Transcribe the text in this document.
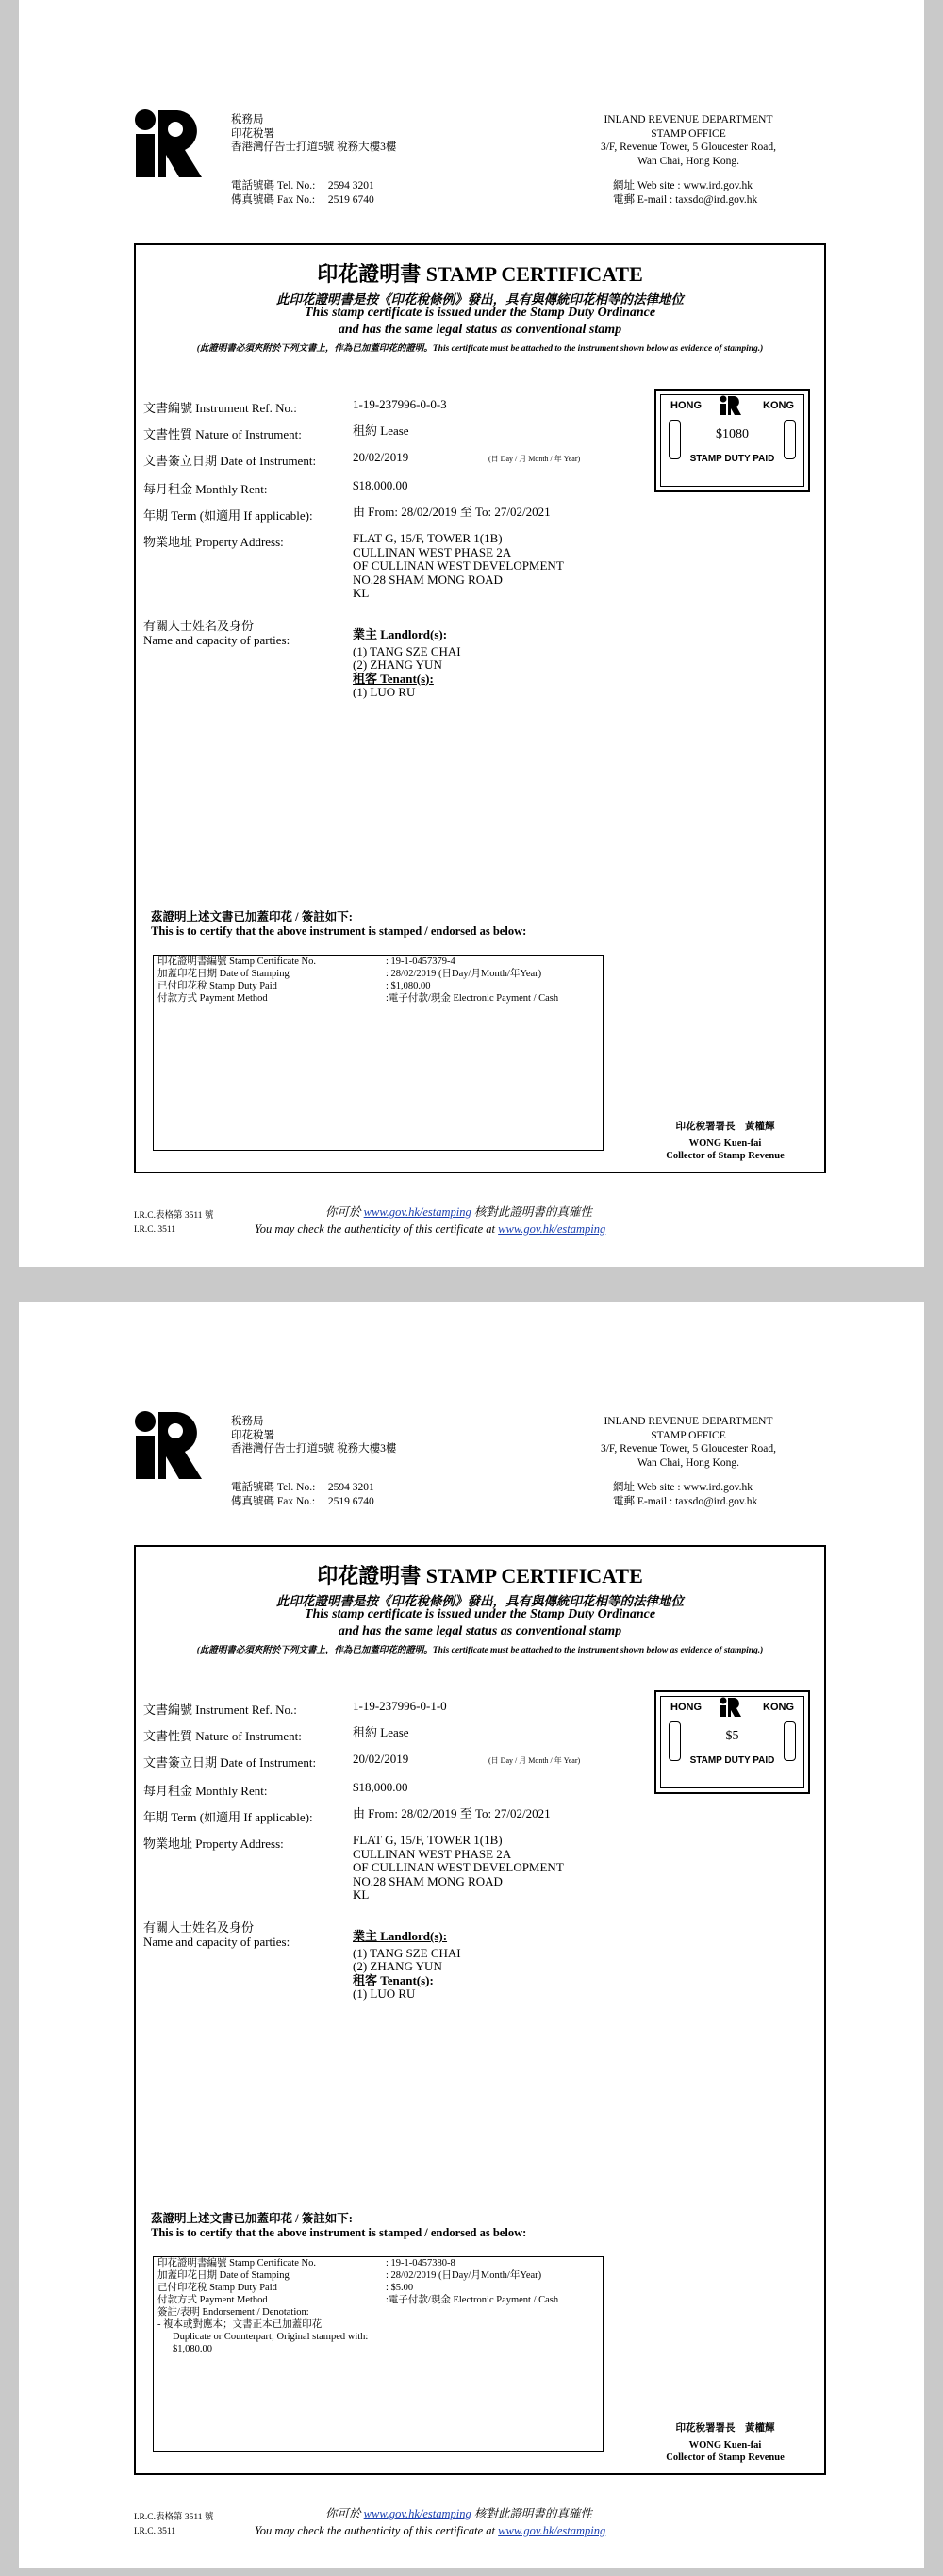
稅務局
印花稅署
香港灣仔告士打道5號 稅務大樓3樓
INLAND REVENUE DEPARTMENT
STAMP OFFICE
3/F, Revenue Tower, 5 Gloucester Road,
Wan Chai, Hong Kong.
電話號碼 Tel. No.: 2594 3201
傳真號碼 Fax No.: 2519 6740
網址 Web site : www.ird.gov.hk
電郵 E-mail : taxsdo@ird.gov.hk
印花證明書 STAMP CERTIFICATE
此印花證明書是按《印花稅條例》發出，具有與傳統印花相等的法律地位
This stamp certificate is issued under the Stamp Duty Ordinance
and has the same legal status as conventional stamp
(此證明書必須夾附於下列文書上，作為已加蓋印花的證明。This certificate must be attached to the instrument shown below as evidence of stamping.)
文書編號 Instrument Ref. No.:	1-19-237996-0-0-3
文書性質 Nature of Instrument:	租約 Lease
文書簽立日期 Date of Instrument:	20/02/2019	(日 Day / 月 Month / 年 Year)
每月租金 Monthly Rent:	$18,000.00
年期 Term (如適用 If applicable):	由 From: 28/02/2019 至 To: 27/02/2021
物業地址 Property Address:	FLAT G, 15/F, TOWER 1(1B)
CULLINAN WEST PHASE 2A
OF CULLINAN WEST DEVELOPMENT
NO.28 SHAM MONG ROAD
KL
有關人士姓名及身份
Name and capacity of parties:	業主 Landlord(s):
(1) TANG SZE CHAI
(2) ZHANG YUN
租客 Tenant(s):
(1) LUO RU
HONG	KONG
$1080
STAMP DUTY PAID
茲證明上述文書已加蓋印花 / 簽註如下:
This is to certify that the above instrument is stamped / endorsed as below:
印花證明書編號 Stamp Certificate No.	: 19-1-0457379-4
加蓋印花日期 Date of Stamping	: 28/02/2019 (日Day/月Month/年Year)
已付印花稅 Stamp Duty Paid	: $1,080.00
付款方式 Payment Method	:電子付款/現金 Electronic Payment / Cash
印花稅署署長　黃權輝
WONG Kuen-fai
Collector of Stamp Revenue
I.R.C.表格第 3511 號
I.R.C. 3511
你可於 www.gov.hk/estamping 核對此證明書的真確性
You may check the authenticity of this certificate at www.gov.hk/estamping
稅務局
印花稅署
香港灣仔告士打道5號 稅務大樓3樓
INLAND REVENUE DEPARTMENT
STAMP OFFICE
3/F, Revenue Tower, 5 Gloucester Road,
Wan Chai, Hong Kong.
電話號碼 Tel. No.: 2594 3201
傳真號碼 Fax No.: 2519 6740
網址 Web site : www.ird.gov.hk
電郵 E-mail : taxsdo@ird.gov.hk
印花證明書 STAMP CERTIFICATE
此印花證明書是按《印花稅條例》發出，具有與傳統印花相等的法律地位
This stamp certificate is issued under the Stamp Duty Ordinance
and has the same legal status as conventional stamp
(此證明書必須夾附於下列文書上，作為已加蓋印花的證明。This certificate must be attached to the instrument shown below as evidence of stamping.)
文書編號 Instrument Ref. No.:	1-19-237996-0-1-0
文書性質 Nature of Instrument:	租約 Lease
文書簽立日期 Date of Instrument:	20/02/2019	(日 Day / 月 Month / 年 Year)
每月租金 Monthly Rent:	$18,000.00
年期 Term (如適用 If applicable):	由 From: 28/02/2019 至 To: 27/02/2021
物業地址 Property Address:	FLAT G, 15/F, TOWER 1(1B)
CULLINAN WEST PHASE 2A
OF CULLINAN WEST DEVELOPMENT
NO.28 SHAM MONG ROAD
KL
有關人士姓名及身份
Name and capacity of parties:	業主 Landlord(s):
(1) TANG SZE CHAI
(2) ZHANG YUN
租客 Tenant(s):
(1) LUO RU
HONG	KONG
$5
STAMP DUTY PAID
茲證明上述文書已加蓋印花 / 簽註如下:
This is to certify that the above instrument is stamped / endorsed as below:
印花證明書編號 Stamp Certificate No.	: 19-1-0457380-8
加蓋印花日期 Date of Stamping	: 28/02/2019 (日Day/月Month/年Year)
已付印花稅 Stamp Duty Paid	: $5.00
付款方式 Payment Method	:電子付款/現金 Electronic Payment / Cash
簽註/表明 Endorsement / Denotation:
- 複本或對應本；文書正本已加蓋印花
Duplicate or Counterpart; Original stamped with:
$1,080.00
印花稅署署長　黃權輝
WONG Kuen-fai
Collector of Stamp Revenue
I.R.C.表格第 3511 號
I.R.C. 3511
你可於 www.gov.hk/estamping 核對此證明書的真確性
You may check the authenticity of this certificate at www.gov.hk/estamping
